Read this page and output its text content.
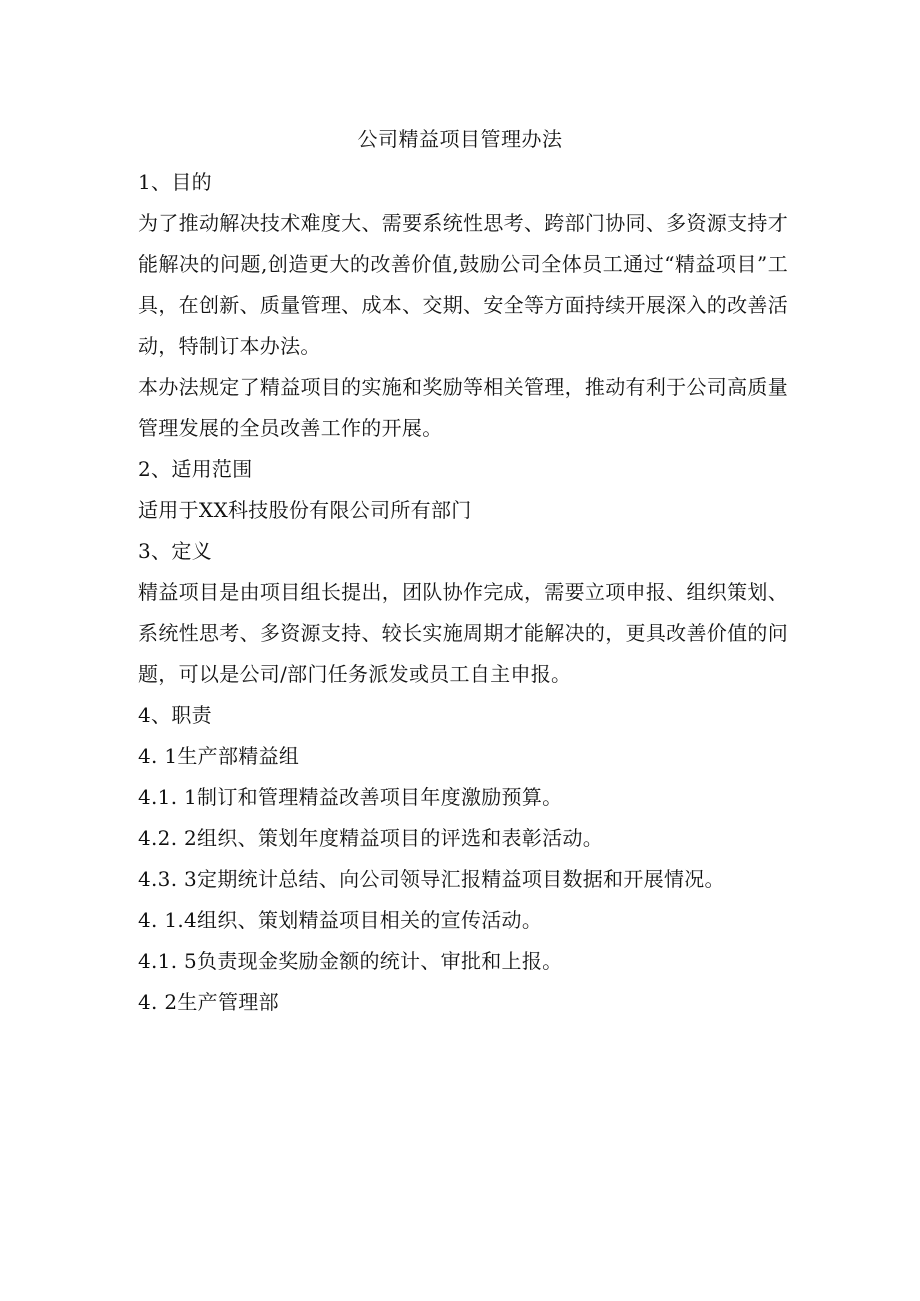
公司精益项目管理办法

1、目的

为了推动解决技术难度大、需要系统性思考、跨部门协同、多资源支持才能解决的问题,创造更大的改善价值,鼓励公司全体员工通过“精益项目”工具，在创新、质量管理、成本、交期、安全等方面持续开展深入的改善活动，特制订本办法。

本办法规定了精益项目的实施和奖励等相关管理，推动有利于公司高质量管理发展的全员改善工作的开展。

2、适用范围

适用于XX科技股份有限公司所有部门

3、定义

精益项目是由项目组长提出，团队协作完成，需要立项申报、组织策划、系统性思考、多资源支持、较长实施周期才能解决的，更具改善价值的问题，可以是公司/部门任务派发或员工自主申报。

4、职责

4. 1生产部精益组

4.1. 1制订和管理精益改善项目年度激励预算。

4.2. 2组织、策划年度精益项目的评选和表彰活动。

4.3. 3定期统计总结、向公司领导汇报精益项目数据和开展情况。

4. 1.4组织、策划精益项目相关的宣传活动。

4.1. 5负责现金奖励金额的统计、审批和上报。

4. 2生产管理部
